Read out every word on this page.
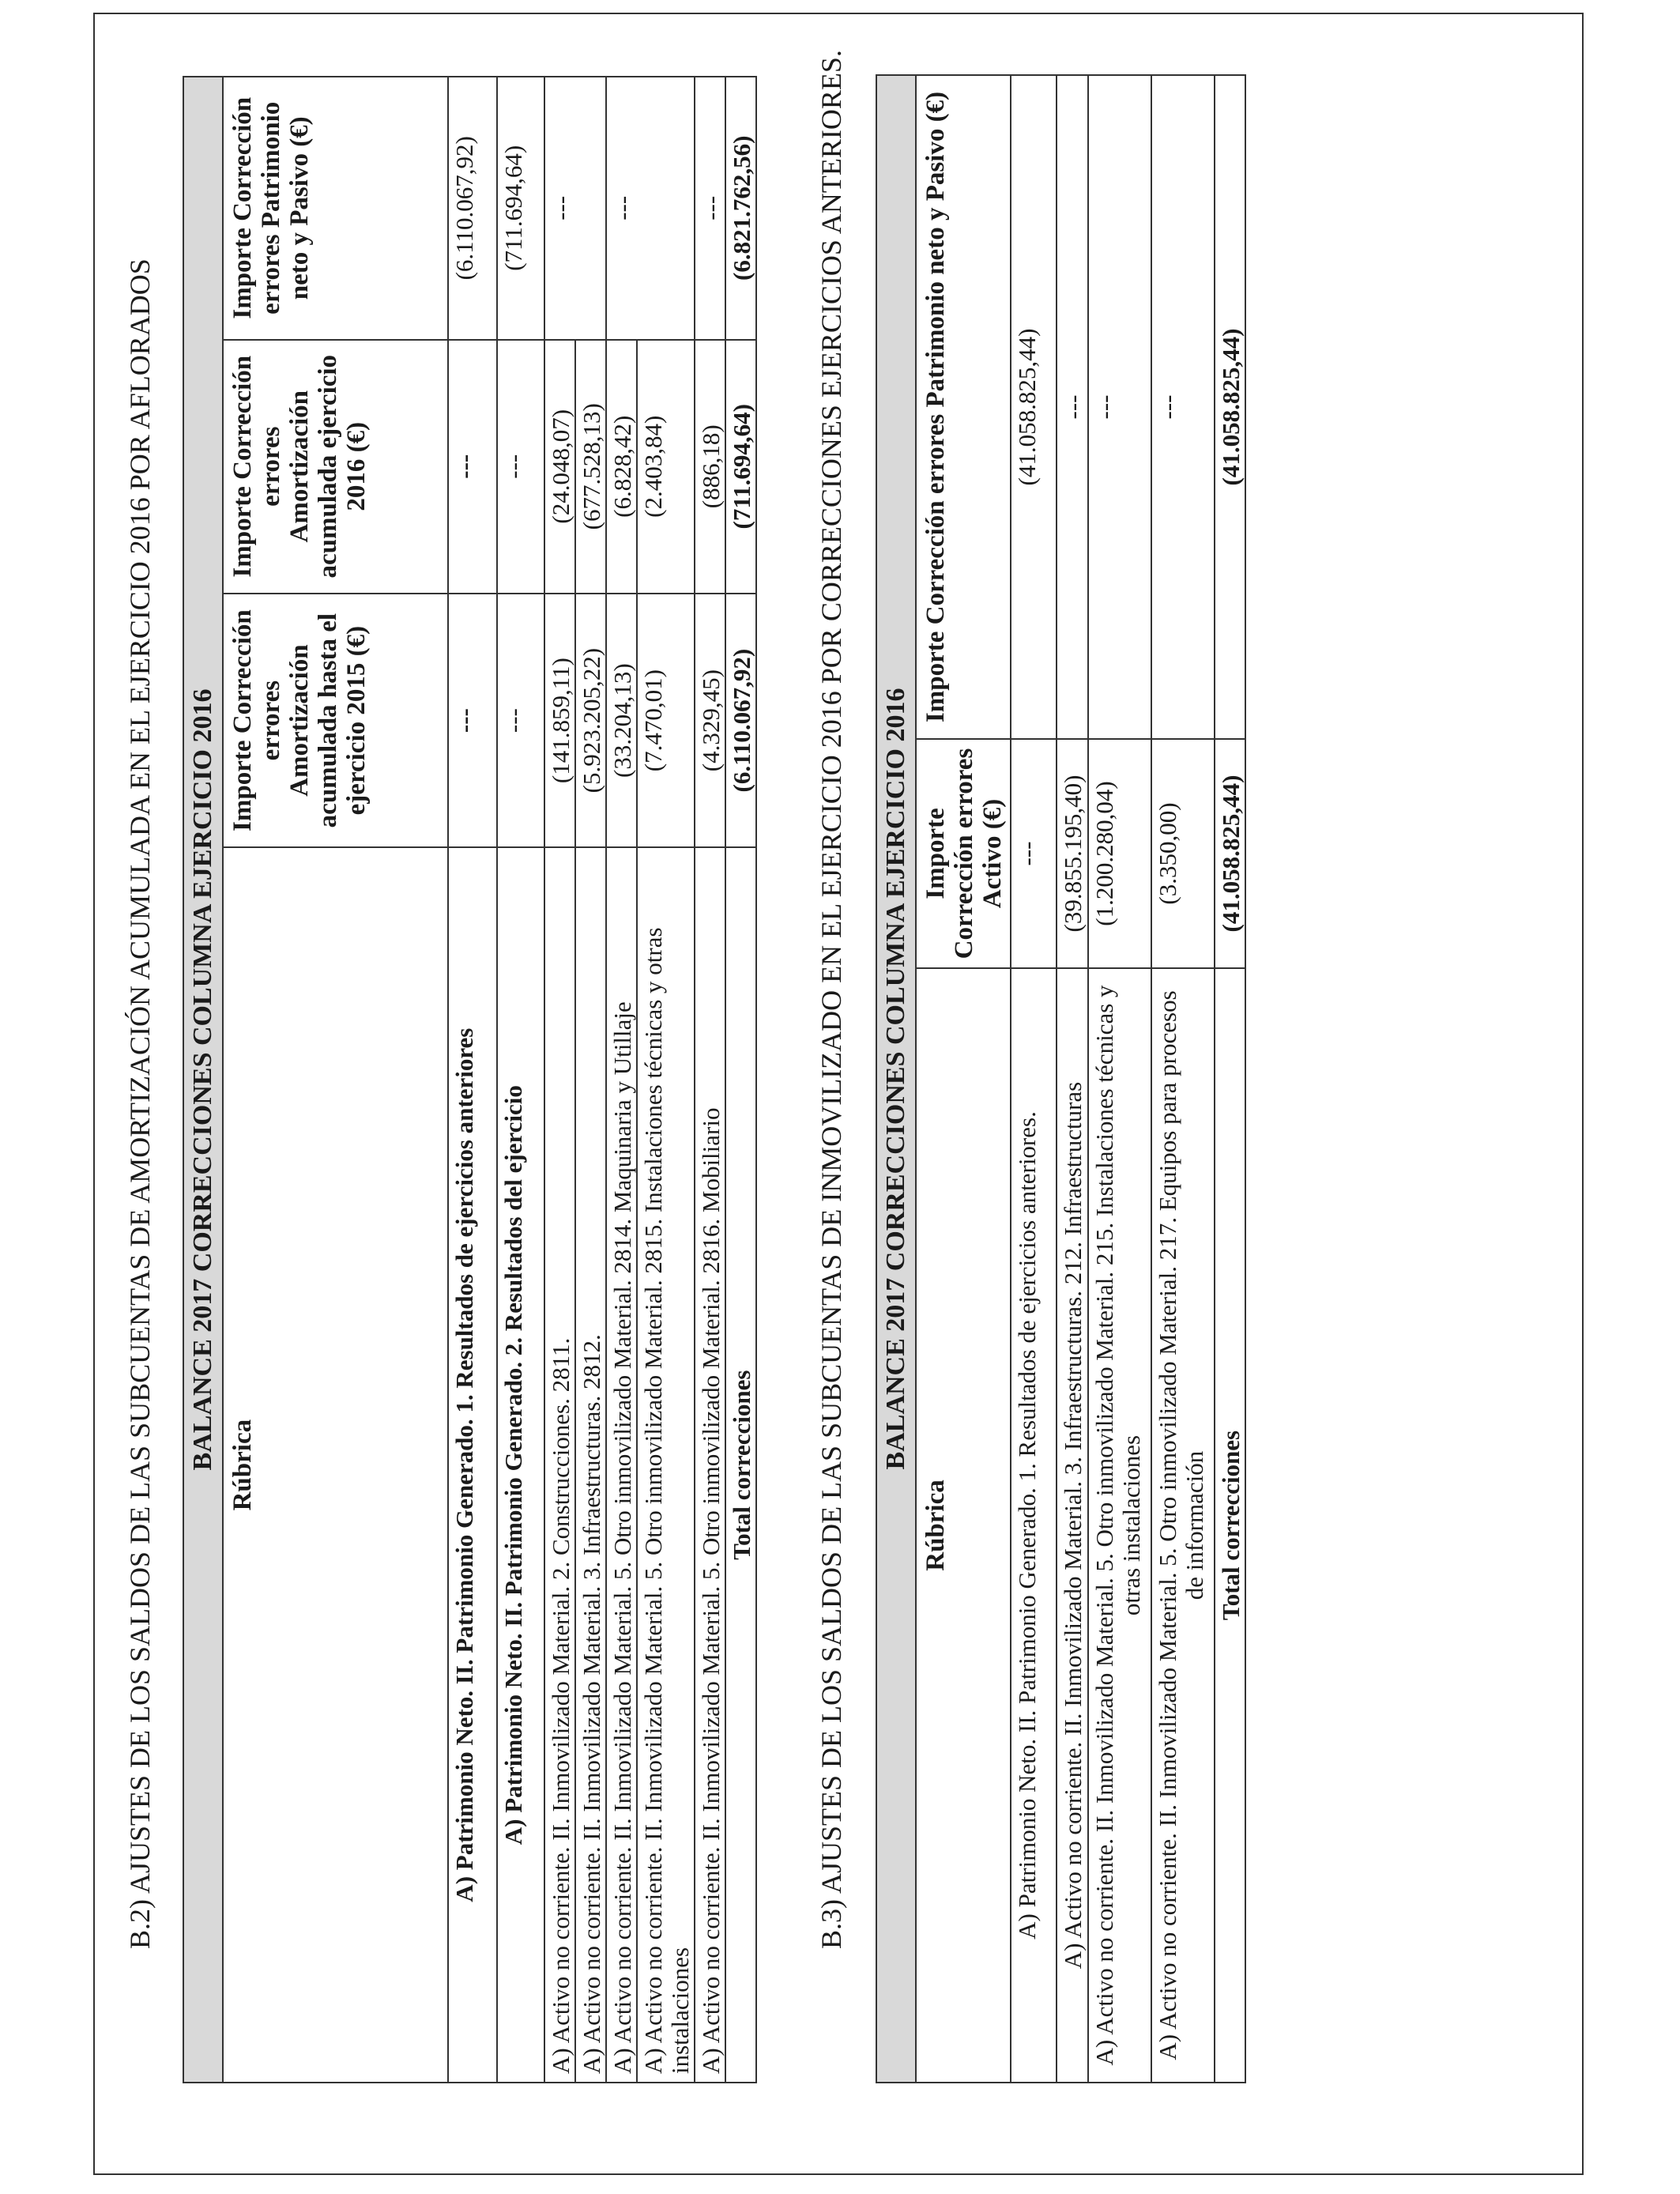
B.2) AJUSTES DE LOS SALDOS DE LAS SUBCUENTAS DE AMORTIZACIÓN ACUMULADA EN EL EJERCICIO 2016 POR AFLORADOS BALANCE 2017 CORRECCIONES COLUMNA EJERCICIO 2016			
Rúbrica	Importe Corrección errores Amortización acumulada hasta el ejercicio 2015 (€)	Importe Corrección errores Amortización acumulada ejercicio 2016 (€)	Importe Corrección errores Patrimonio neto y Pasivo (€)
A) Patrimonio Neto. II. Patrimonio Generado. 1. Resultados de ejercicios anteriores	---	---	(6.110.067,92)
A) Patrimonio Neto. II. Patrimonio Generado. 2. Resultados del ejercicio	---	---	(711.694,64)
A) Activo no corriente. II. Inmovilizado Material. 2. Construcciones. 2811.	(141.859,11)	(24.048,07)	---
A) Activo no corriente. II. Inmovilizado Material. 3. Infraestructuras. 2812.	(5.923.205,22)	(677.528,13)	
A) Activo no corriente. II. Inmovilizado Material. 5. Otro inmovilizado Material. 2814. Maquinaria y Utillaje	(33.204,13)	(6.828,42)	---
A) Activo no corriente. II. Inmovilizado Material. 5. Otro inmovilizado Material. 2815. Instalaciones técnicas y otras instalaciones	(7.470,01)	(2.403,84)	
A) Activo no corriente. II. Inmovilizado Material. 5. Otro inmovilizado Material. 2816. Mobiliario	(4.329,45)	(886,18)	---
Total correcciones	(6.110.067,92)	(711.694,64)	(6.821.762,56) B.3) AJUSTES DE LOS SALDOS DE LAS SUBCUENTAS DE INMOVILIZADO EN EL EJERCICIO 2016 POR CORRECCIONES EJERCICIOS ANTERIORES. BALANCE 2017 CORRECCIONES COLUMNA EJERCICIO 2016		
Rúbrica	Importe Corrección errores Activo (€)	Importe Corrección errores Patrimonio neto y Pasivo (€)
A) Patrimonio Neto. II. Patrimonio Generado. 1. Resultados de ejercicios anteriores.	---	(41.058.825,44)
A) Activo no corriente. II. Inmovilizado Material. 3. Infraestructuras. 212. Infraestructuras	(39.855.195,40)	---
A) Activo no corriente. II. Inmovilizado Material. 5. Otro inmovilizado Material. 215. Instalaciones técnicas y otras instalaciones	(1.200.280,04)	---
A) Activo no corriente. II. Inmovilizado Material. 5. Otro inmovilizado Material. 217. Equipos para procesos de información	(3.350,00)	---
Total correcciones	(41.058.825,44)	(41.058.825,44)
